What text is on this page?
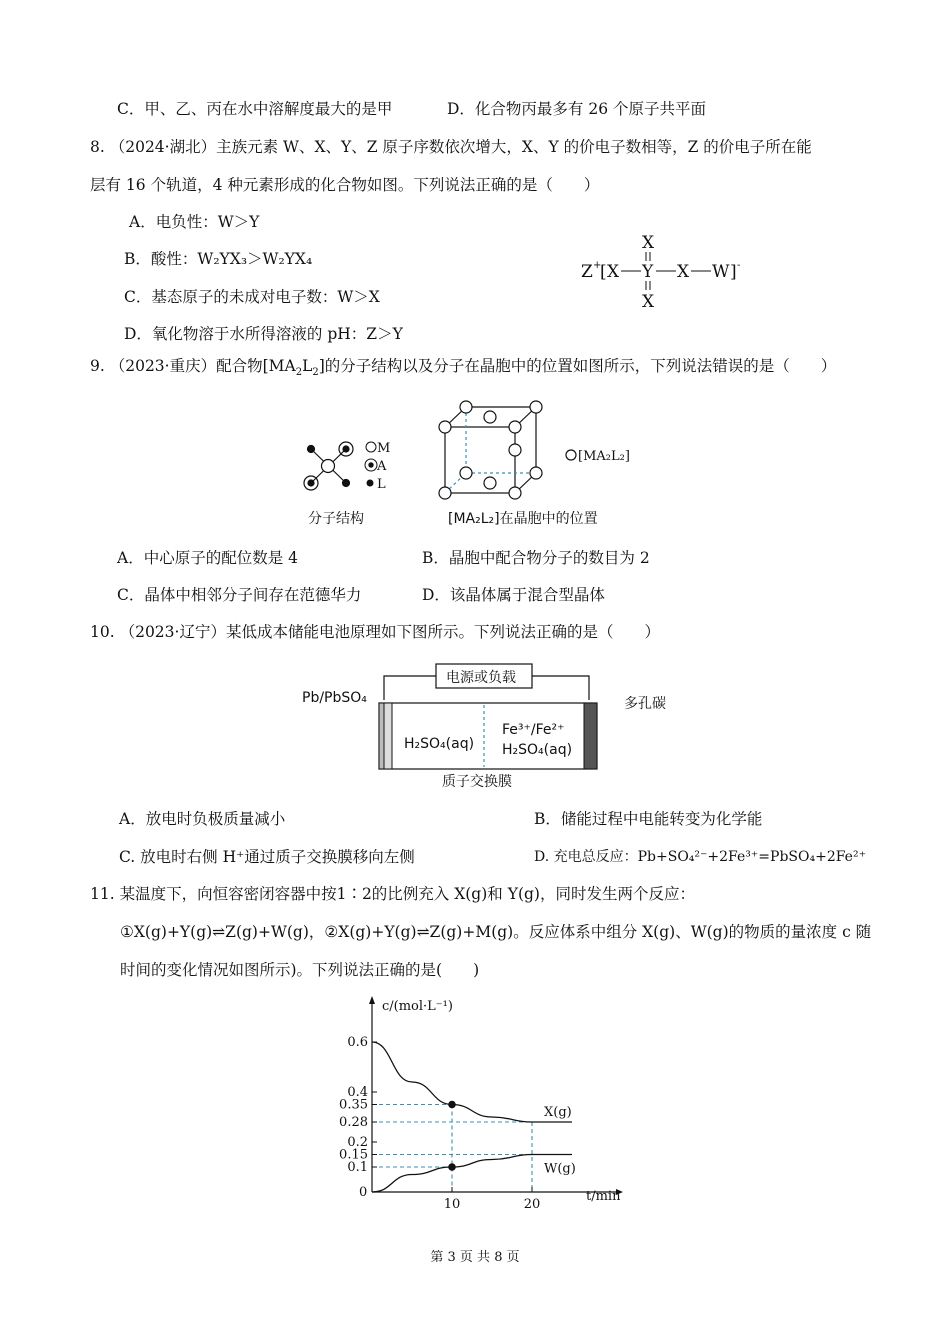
C．甲、乙、丙在水中溶解度最大的是甲	D．化合物丙最多有 26 个原子共平面
8. （2024·湖北）主族元素 W、X、Y、Z 原子序数依次增大，X、Y 的价电子数相等，Z 的价电子所在能
层有 16 个轨道，4 种元素形成的化合物如图。下列说法正确的是（　　）
A．电负性：W＞Y
B．酸性：W₂YX₃＞W₂YX₄
C．基态原子的未成对电子数：W＞X
D．氧化物溶于水所得溶液的 pH：Z＞Y
X
Z +
[ X Y X W ] -
X
9. （2023·重庆）配合物$[MA_2L_2]$的分子结构以及分子在晶胞中的位置如图所示，下列说法错误的是（　　）
M
A
L
[MA₂L₂]
分子结构	[MA₂L₂]在晶胞中的位置
A．中心原子的配位数是 4	B．晶胞中配合物分子的数目为 2
C．晶体中相邻分子间存在范德华力	D．该晶体属于混合型晶体
10. （2023·辽宁）某低成本储能电池原理如下图所示。下列说法正确的是（　　）
电源或负载
Pb/PbSO₄	多孔碳
H₂SO₄(aq)
Fe³⁺/Fe²⁺
H₂SO₄(aq)
质子交换膜
A．放电时负极质量减小	B．储能过程中电能转变为化学能
C. 放电时右侧 H⁺通过质子交换膜移向左侧	D. 充电总反应：Pb+SO₄²⁻+2Fe³⁺=PbSO₄+2Fe²⁺
11. 某温度下，向恒容密闭容器中按1∶2的比例充入 X(g)和 Y(g)，同时发生两个反应：
①X(g)+Y(g)⇌Z(g)+W(g)，②X(g)+Y(g)⇌Z(g)+M(g)。反应体系中组分 X(g)、W(g)的物质的量浓度 c 随
时间的变化情况如图所示)。下列说法正确的是(　　)
0.1
0.15
0.2
0.28
0.35
0.4
0.6
10	20
X(g)
W(g)
c/(mol·L⁻¹)
t/min
0
第 3 页 共 8 页
